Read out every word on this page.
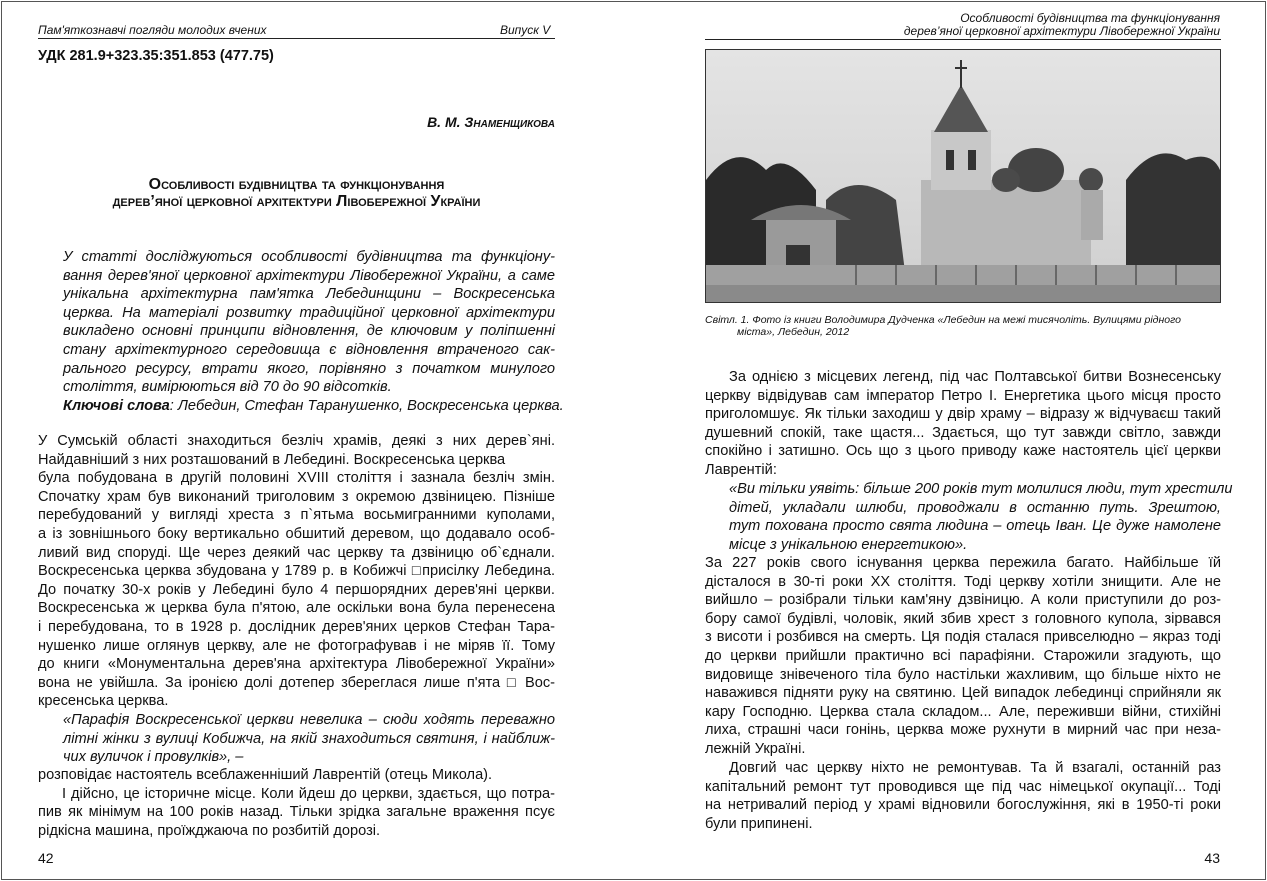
Пам'яткознавчі погляди молодих вчених	Випуск V
УДК 281.9+323.35:351.853 (477.75)
В. М. Знаменщикова
Особливості будівництва та функціонування
дерев’яної церковної архітектури Лівобережної України
У статті досліджуються особливості будівництва та функціону-
вання дерев'яної церковної архітектури Лівобережної України, а саме
унікальна архітектурна пам'ятка Лебединщини – Воскресенська
церква. На матеріалі розвитку традиційної церковної архітектури
викладено основні принципи відновлення, де ключовим у поліпшенні
стану архітектурного середовища є відновлення втраченого сак-
рального ресурсу, втрати якого, порівняно з початком минулого
століття, вимірюються від 70 до 90 відсотків.
Ключові слова: Лебедин, Стефан Таранушенко, Воскресенська церква.
У Сумській області знаходиться безліч храмів, деякі з них дерев`яні.
Найдавніший з них розташований в Лебедині. Воскресенська церква
була побудована в другій половині XVIII століття і зазнала безліч змін.
Спочатку храм був виконаний триголовим з окремою дзвіницею. Пізніше
перебудований у вигляді хреста з п`ятьма восьмигранними куполами,
а із зовнішнього боку вертикально обшитий деревом, що додавало особ-
ливий вид споруді. Ще через деякий час церкву та дзвіницю об`єднали.
Воскресенська церква збудована у 1789 р. в Кобижчі □присілку Лебедина.
До початку 30-х років у Лебедині було 4 першорядних дерев'яні церкви.
Воскресенська ж церква була п'ятою, але оскільки вона була перенесена
і перебудована, то в 1928 р. дослідник дерев'яних церков Стефан Тара-
нушенко лише оглянув церкву, але не фотографував і не міряв її. Тому
до книги «Монументальна дерев'яна архітектура Лівобережної України»
вона не увійшла. За іронією долі дотепер збереглася лише п'ята □ Вос-
кресенська церква.
«Парафія Воскресенської церкви невелика – сюди ходять переважно
літні жінки з вулиці Кобижча, на якій знаходиться святиня, і найближ-
чих вуличок і провулків», –
розповідає настоятель всеблаженніший Лаврентій (отець Микола).
І дійсно, це історичне місце. Коли йдеш до церкви, здається, що потра-
пив як мінімум на 100 років назад. Тільки зрідка загальне враження псує
рідкісна машина, проїжджаюча по розбитій дорозі.
42
Особливості будівництва та функціонування
дерев’яної церковної архітектури Лівобережної України
Світл. 1. Фото із книги Володимира Дудченка «Лебедин на межі тисячоліть. Вулицями рідного
міста», Лебедин, 2012
За однією з місцевих легенд, під час Полтавської битви Вознесенську
церкву відвідував сам імператор Петро І. Енергетика цього місця просто
приголомшує. Як тільки заходиш у двір храму – відразу ж відчуваєш такий
душевний спокій, таке щастя... Здається, що тут завжди світло, завжди
спокійно і затишно. Ось що з цього приводу каже настоятель цієї церкви
Лаврентій:
«Ви тільки уявіть: більше 200 років тут молилися люди, тут хрестили
дітей, укладали шлюби, проводжали в останню путь. Зрештою,
тут похована просто свята людина – отець Іван. Це дуже намолене
місце з унікальною енергетикою».
За 227 років свого існування церква пережила багато. Найбільше їй
дісталося в 30-ті роки XX століття. Тоді церкву хотіли знищити. Але не
вийшло – розібрали тільки кам'яну дзвіницю. А коли приступили до роз-
бору самої будівлі, чоловік, який збив хрест з головного купола, зірвався
з висоти і розбився на смерть. Ця подія сталася привселюдно – якраз тоді
до церкви прийшли практично всі парафіяни. Старожили згадують, що
видовище знівеченого тіла було настільки жахливим, що більше ніхто не
наважився підняти руку на святиню. Цей випадок лебединці сприйняли як
кару Господню. Церква стала складом... Але, переживши війни, стихійні
лиха, страшні часи гонінь, церква може рухнути в мирний час при неза-
лежній Україні.
Довгий час церкву ніхто не ремонтував. Та й взагалі, останній раз
капітальний ремонт тут проводився ще під час німецької окупації... Тоді
на нетривалий період у храмі відновили богослужіння, які в 1950-ті роки
були припинені.
43
